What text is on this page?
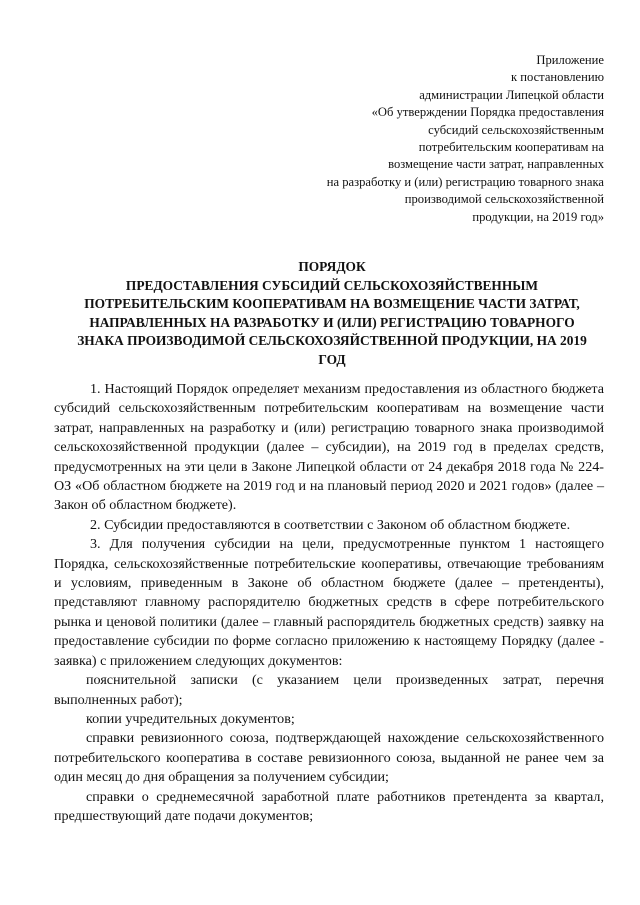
Приложение
к постановлению
администрации Липецкой области
«Об утверждении Порядка предоставления
субсидий сельскохозяйственным
потребительским кооперативам на
возмещение части затрат, направленных
на разработку и (или) регистрацию товарного знака
производимой сельскохозяйственной
продукции, на 2019 год»
ПОРЯДОК
ПРЕДОСТАВЛЕНИЯ СУБСИДИЙ СЕЛЬСКОХОЗЯЙСТВЕННЫМ
ПОТРЕБИТЕЛЬСКИМ КООПЕРАТИВАМ НА ВОЗМЕЩЕНИЕ ЧАСТИ ЗАТРАТ,
НАПРАВЛЕННЫХ НА РАЗРАБОТКУ И (ИЛИ) РЕГИСТРАЦИЮ ТОВАРНОГО
ЗНАКА ПРОИЗВОДИМОЙ СЕЛЬСКОХОЗЯЙСТВЕННОЙ ПРОДУКЦИИ, НА 2019
ГОД

1. Настоящий Порядок определяет механизм предоставления из областного бюджета субсидий сельскохозяйственным потребительским кооперативам на возмещение части затрат, направленных на разработку и (или) регистрацию товарного знака производимой сельскохозяйственной продукции (далее – субсидии), на 2019 год в пределах средств, предусмотренных на эти цели в Законе Липецкой области от 24 декабря 2018 года № 224-ОЗ «Об областном бюджете на 2019 год и на плановый период 2020 и 2021 годов» (далее – Закон об областном бюджете).

2. Субсидии предоставляются в соответствии с Законом об областном бюджете.

3. Для получения субсидии на цели, предусмотренные пунктом 1 настоящего Порядка, сельскохозяйственные потребительские кооперативы, отвечающие требованиям и условиям, приведенным в Законе об областном бюджете (далее – претенденты), представляют главному распорядителю бюджетных средств в сфере потребительского рынка и ценовой политики (далее – главный распорядитель бюджетных средств) заявку на предоставление субсидии по форме согласно приложению к настоящему Порядку (далее - заявка) с приложением следующих документов:

пояснительной записки (с указанием цели произведенных затрат, перечня выполненных работ);

копии учредительных документов;

справки ревизионного союза, подтверждающей нахождение сельскохозяйственного потребительского кооператива в составе ревизионного союза, выданной не ранее чем за один месяц до дня обращения за получением субсидии;

справки о среднемесячной заработной плате работников претендента за квартал, предшествующий дате подачи документов;
